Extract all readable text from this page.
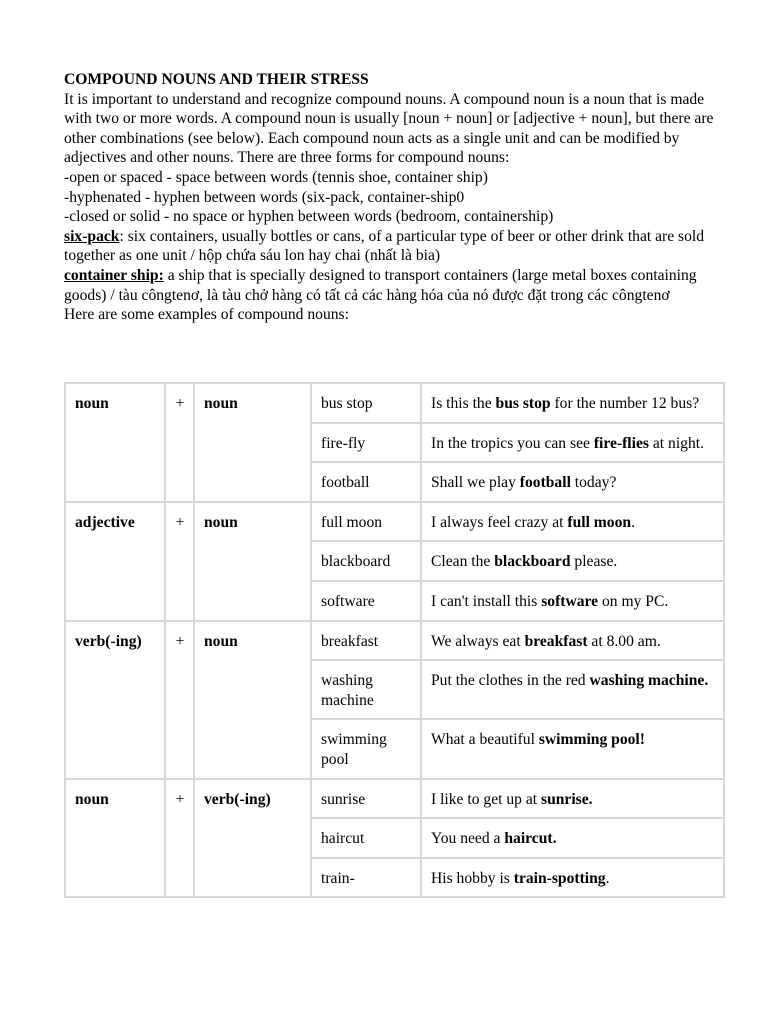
COMPOUND NOUNS AND THEIR STRESS

It is important to understand and recognize compound nouns. A compound noun is a noun that is made with two or more words. A compound noun is usually [noun + noun] or [adjective + noun], but there are other combinations (see below). Each compound noun acts as a single unit and can be modified by adjectives and other nouns. There are three forms for compound nouns:

-open or spaced - space between words (tennis shoe, container ship)

-hyphenated - hyphen between words (six-pack, container-ship0

-closed or solid - no space or hyphen between words (bedroom, containership)

six-pack: six containers, usually bottles or cans, of a particular type of beer or other drink that are sold together as one unit / hộp chứa sáu lon hay chai (nhất là bia)

container ship: a ship that is specially designed to transport containers (large metal boxes containing goods) / tàu côngtenơ, là tàu chở hàng có tất cả các hàng hóa của nó được đặt trong các côngtenơ

Here are some examples of compound nouns:

noun	+	noun	bus stop	Is this the bus stop for the number 12 bus?
			fire-fly	In the tropics you can see fire-flies at night.
			football	Shall we play football today?
adjective	+	noun	full moon	I always feel crazy at full moon.
			blackboard	Clean the blackboard please.
			software	I can't install this software on my PC.
verb(-ing)	+	noun	breakfast	We always eat breakfast at 8.00 am.
			washing machine	Put the clothes in the red washing machine.
			swimming pool	What a beautiful swimming pool!
noun	+	verb(-ing)	sunrise	I like to get up at sunrise.
			haircut	You need a haircut.
			train-	His hobby is train-spotting.
